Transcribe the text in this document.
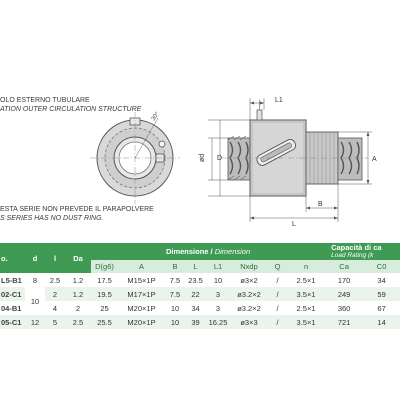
OLO ESTERNO TUBULARE
ATION OUTER CIRCULATION STRUCTURE
ESTA SERIE NON PREVEDE IL PARAPOLVERE
S SERIES HAS NO DUST RING.
30°
L1
ød D	A
L
B
o.	d	l	Da	Dimensione / Dimension								Capacità di ca
Load Rating (k	

				D(g6)	A	B	L	L1	Nxdp	Q	n	Ca	C0
L5-B1	8	2.5	1.2	17.5	M15×1P	7.5	23.5	10	ø3×2	/	2.5×1	170	34
02-C1	10	2	1.2	19.5	M17×1P	7.5	22	3	ø3.2×2	/	3.5×1	249	59
04-B1		4	2	25	M20×1P	10	34	3	ø3.2×2	/	2.5×1	360	67
05-C1	12	5	2.5	25.5	M20×1P	10	39	16.25	ø3×3	/	3.5×1	721	14
